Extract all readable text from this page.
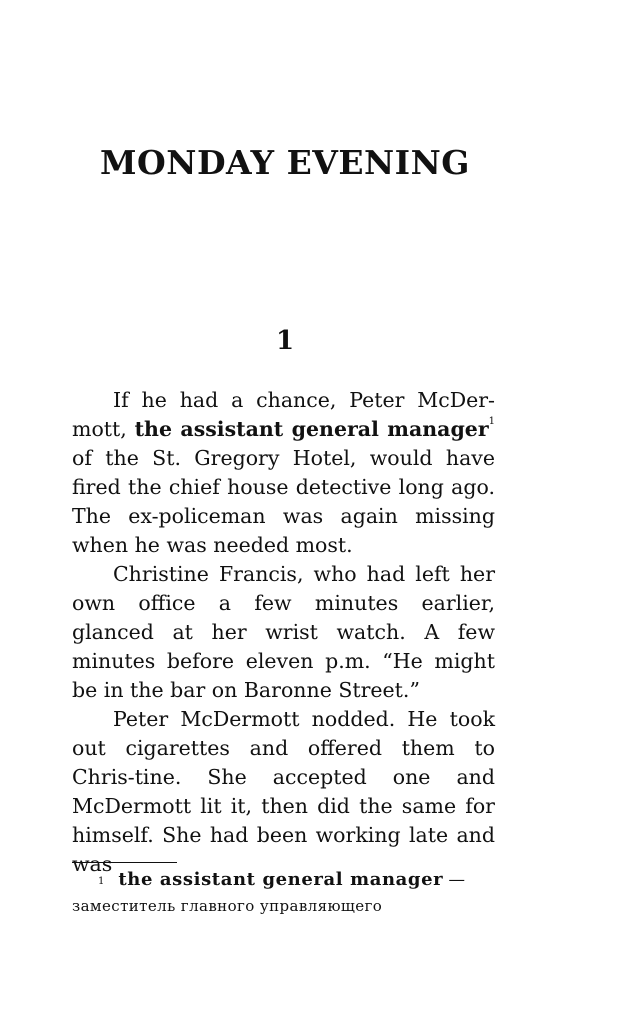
MONDAY EVENING
1

If he had a chance, Peter McDer-mott, the assistant general manager$^1$ of the St. Gregory Hotel, would have fired the chief house detective long ago. The ex-policeman was again missing when he was needed most.

Christine Francis, who had left her own office a few minutes earlier, glanced at her wrist watch. A few minutes before eleven p.m. “He might be in the bar on Baronne Street.”

Peter McDermott nodded. He took out cigarettes and offered them to Chris-tine. She accepted one and McDermott lit it, then did the same for himself. She had been working late and was

$^1$ the assistant general manager —
заместитель главного управляющего
